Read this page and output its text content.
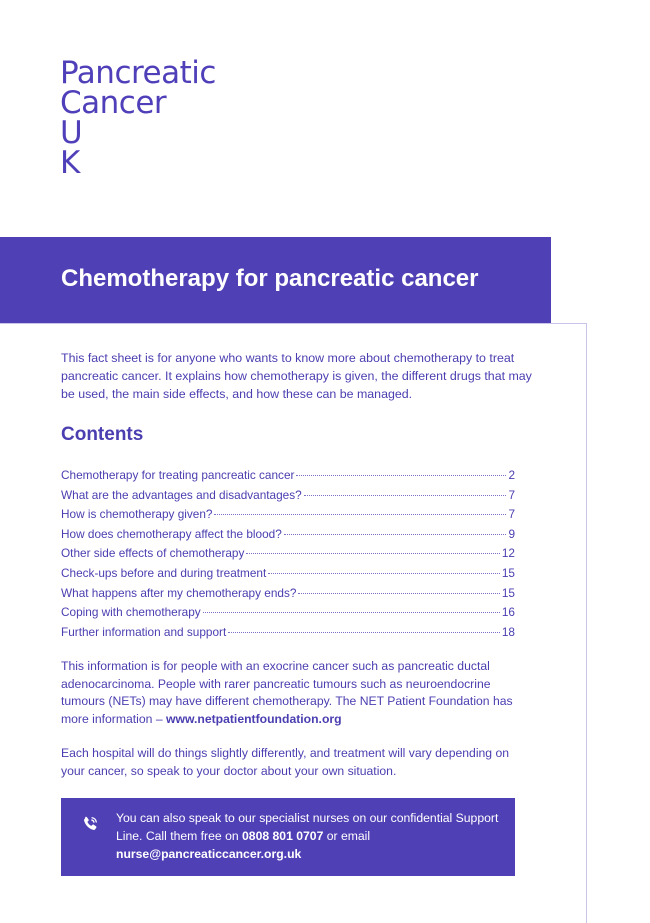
Pancreatic
Cancer
U
K
Chemotherapy for pancreatic cancer

This fact sheet is for anyone who wants to know more about chemotherapy to treat pancreatic cancer. It explains how chemotherapy is given, the different drugs that may be used, the main side effects, and how these can be managed.

Contents
Chemotherapy for treating pancreatic cancer	2
What are the advantages and disadvantages?	7
How is chemotherapy given?	7
How does chemotherapy affect the blood?	9
Other side effects of chemotherapy	12
Check-ups before and during treatment	15
What happens after my chemotherapy ends?	15
Coping with chemotherapy	16
Further information and support	18

This information is for people with an exocrine cancer such as pancreatic ductal adenocarcinoma. People with rarer pancreatic tumours such as neuroendocrine tumours (NETs) may have different chemotherapy. The NET Patient Foundation has more information – www.netpatientfoundation.org

Each hospital will do things slightly differently, and treatment will vary depending on your cancer, so speak to your doctor about your own situation.

You can also speak to our specialist nurses on our confidential Support Line. Call them free on 0808 801 0707 or email nurse@pancreaticcancer.org.uk
